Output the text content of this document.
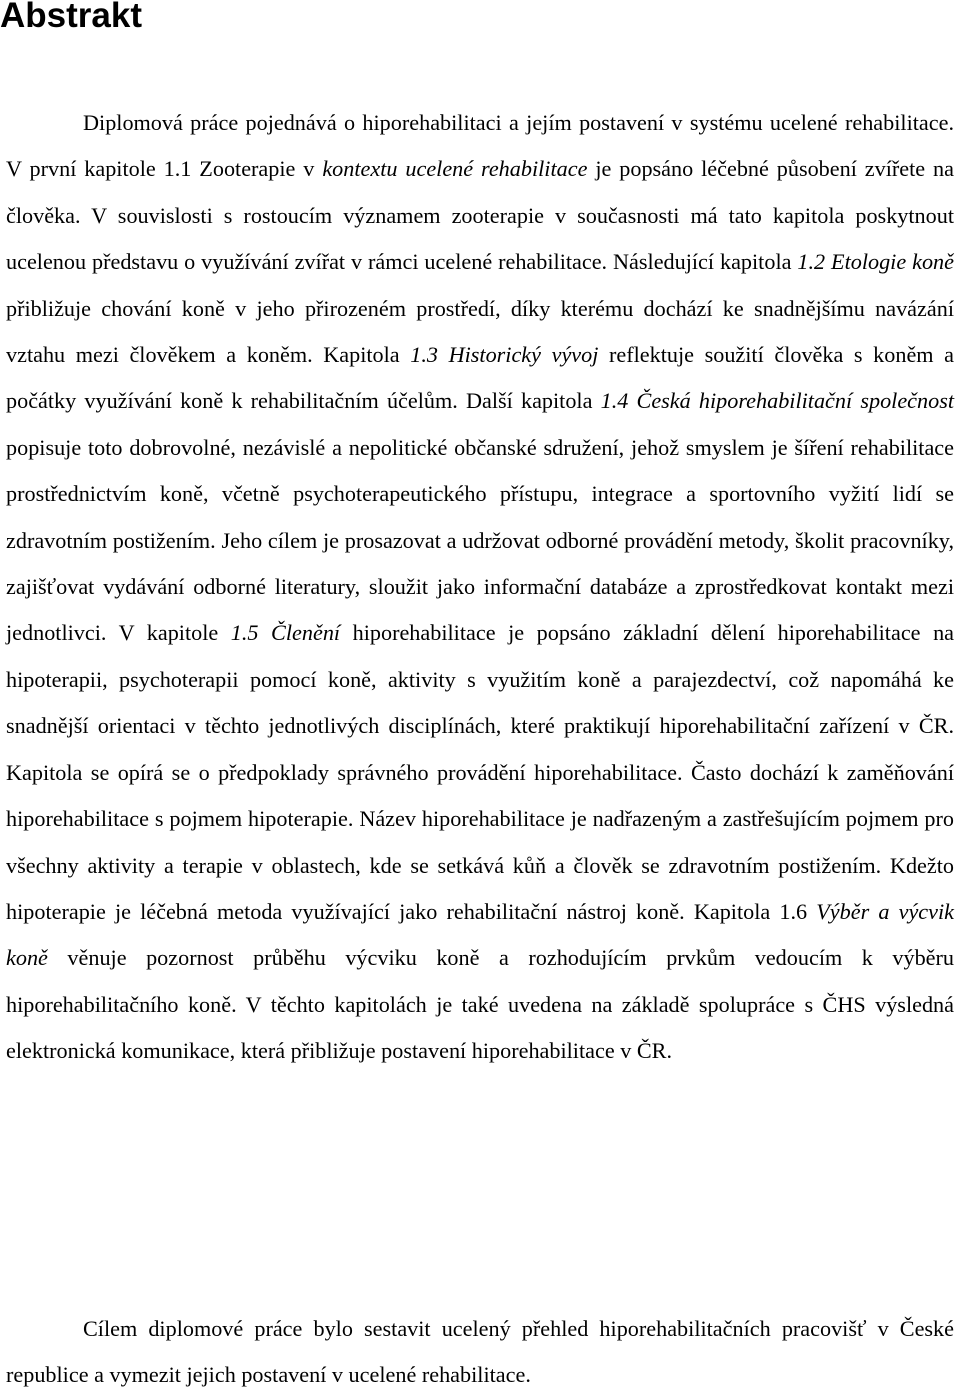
Abstrakt

Diplomová práce pojednává o hiporehabilitaci a jejím postavení v systému ucelené rehabilitace. V první kapitole 1.1 Zooterapie v kontextu ucelené rehabilitace je popsáno léčebné působení zvířete na člověka. V souvislosti s rostoucím významem zooterapie v současnosti má tato kapitola poskytnout ucelenou představu o využívání zvířat v rámci ucelené rehabilitace. Následující kapitola 1.2 Etologie koně přibližuje chování koně v jeho přirozeném prostředí, díky kterému dochází ke snadnějšímu navázání vztahu mezi člověkem a koněm. Kapitola 1.3 Historický vývoj reflektuje soužití člověka s koněm a počátky využívání koně k rehabilitačním účelům. Další kapitola 1.4 Česká hiporehabilitační společnost popisuje toto dobrovolné, nezávislé a nepolitické občanské sdružení, jehož smyslem je šíření rehabilitace prostřednictvím koně, včetně psychoterapeutického přístupu, integrace a sportovního vyžití lidí se zdravotním postižením. Jeho cílem je prosazovat a udržovat odborné provádění metody, školit pracovníky, zajišťovat vydávání odborné literatury, sloužit jako informační databáze a zprostředkovat kontakt mezi jednotlivci. V kapitole 1.5 Členění hiporehabilitace je popsáno základní dělení hiporehabilitace na hipoterapii, psychoterapii pomocí koně, aktivity s využitím koně a parajezdectví, což napomáhá ke snadnější orientaci v těchto jednotlivých disciplínách, které praktikují hiporehabilitační zařízení v ČR. Kapitola se opírá se o předpoklady správného provádění hiporehabilitace. Často dochází k zaměňování hiporehabilitace s pojmem hipoterapie. Název hiporehabilitace je nadřazeným a zastřešujícím pojmem pro všechny aktivity a terapie v oblastech, kde se setkává kůň a člověk se zdravotním postižením. Kdežto hipoterapie je léčebná metoda využívající jako rehabilitační nástroj koně. Kapitola 1.6 Výběr a výcvik koně věnuje pozornost průběhu výcviku koně a rozhodujícím prvkům vedoucím k výběru hiporehabilitačního koně. V těchto kapitolách je také uvedena na základě spolupráce s ČHS výsledná elektronická komunikace, která přibližuje postavení hiporehabilitace v ČR.

Cílem diplomové práce bylo sestavit ucelený přehled hiporehabilitačních pracovišť v České republice a vymezit jejich postavení v ucelené rehabilitace.
